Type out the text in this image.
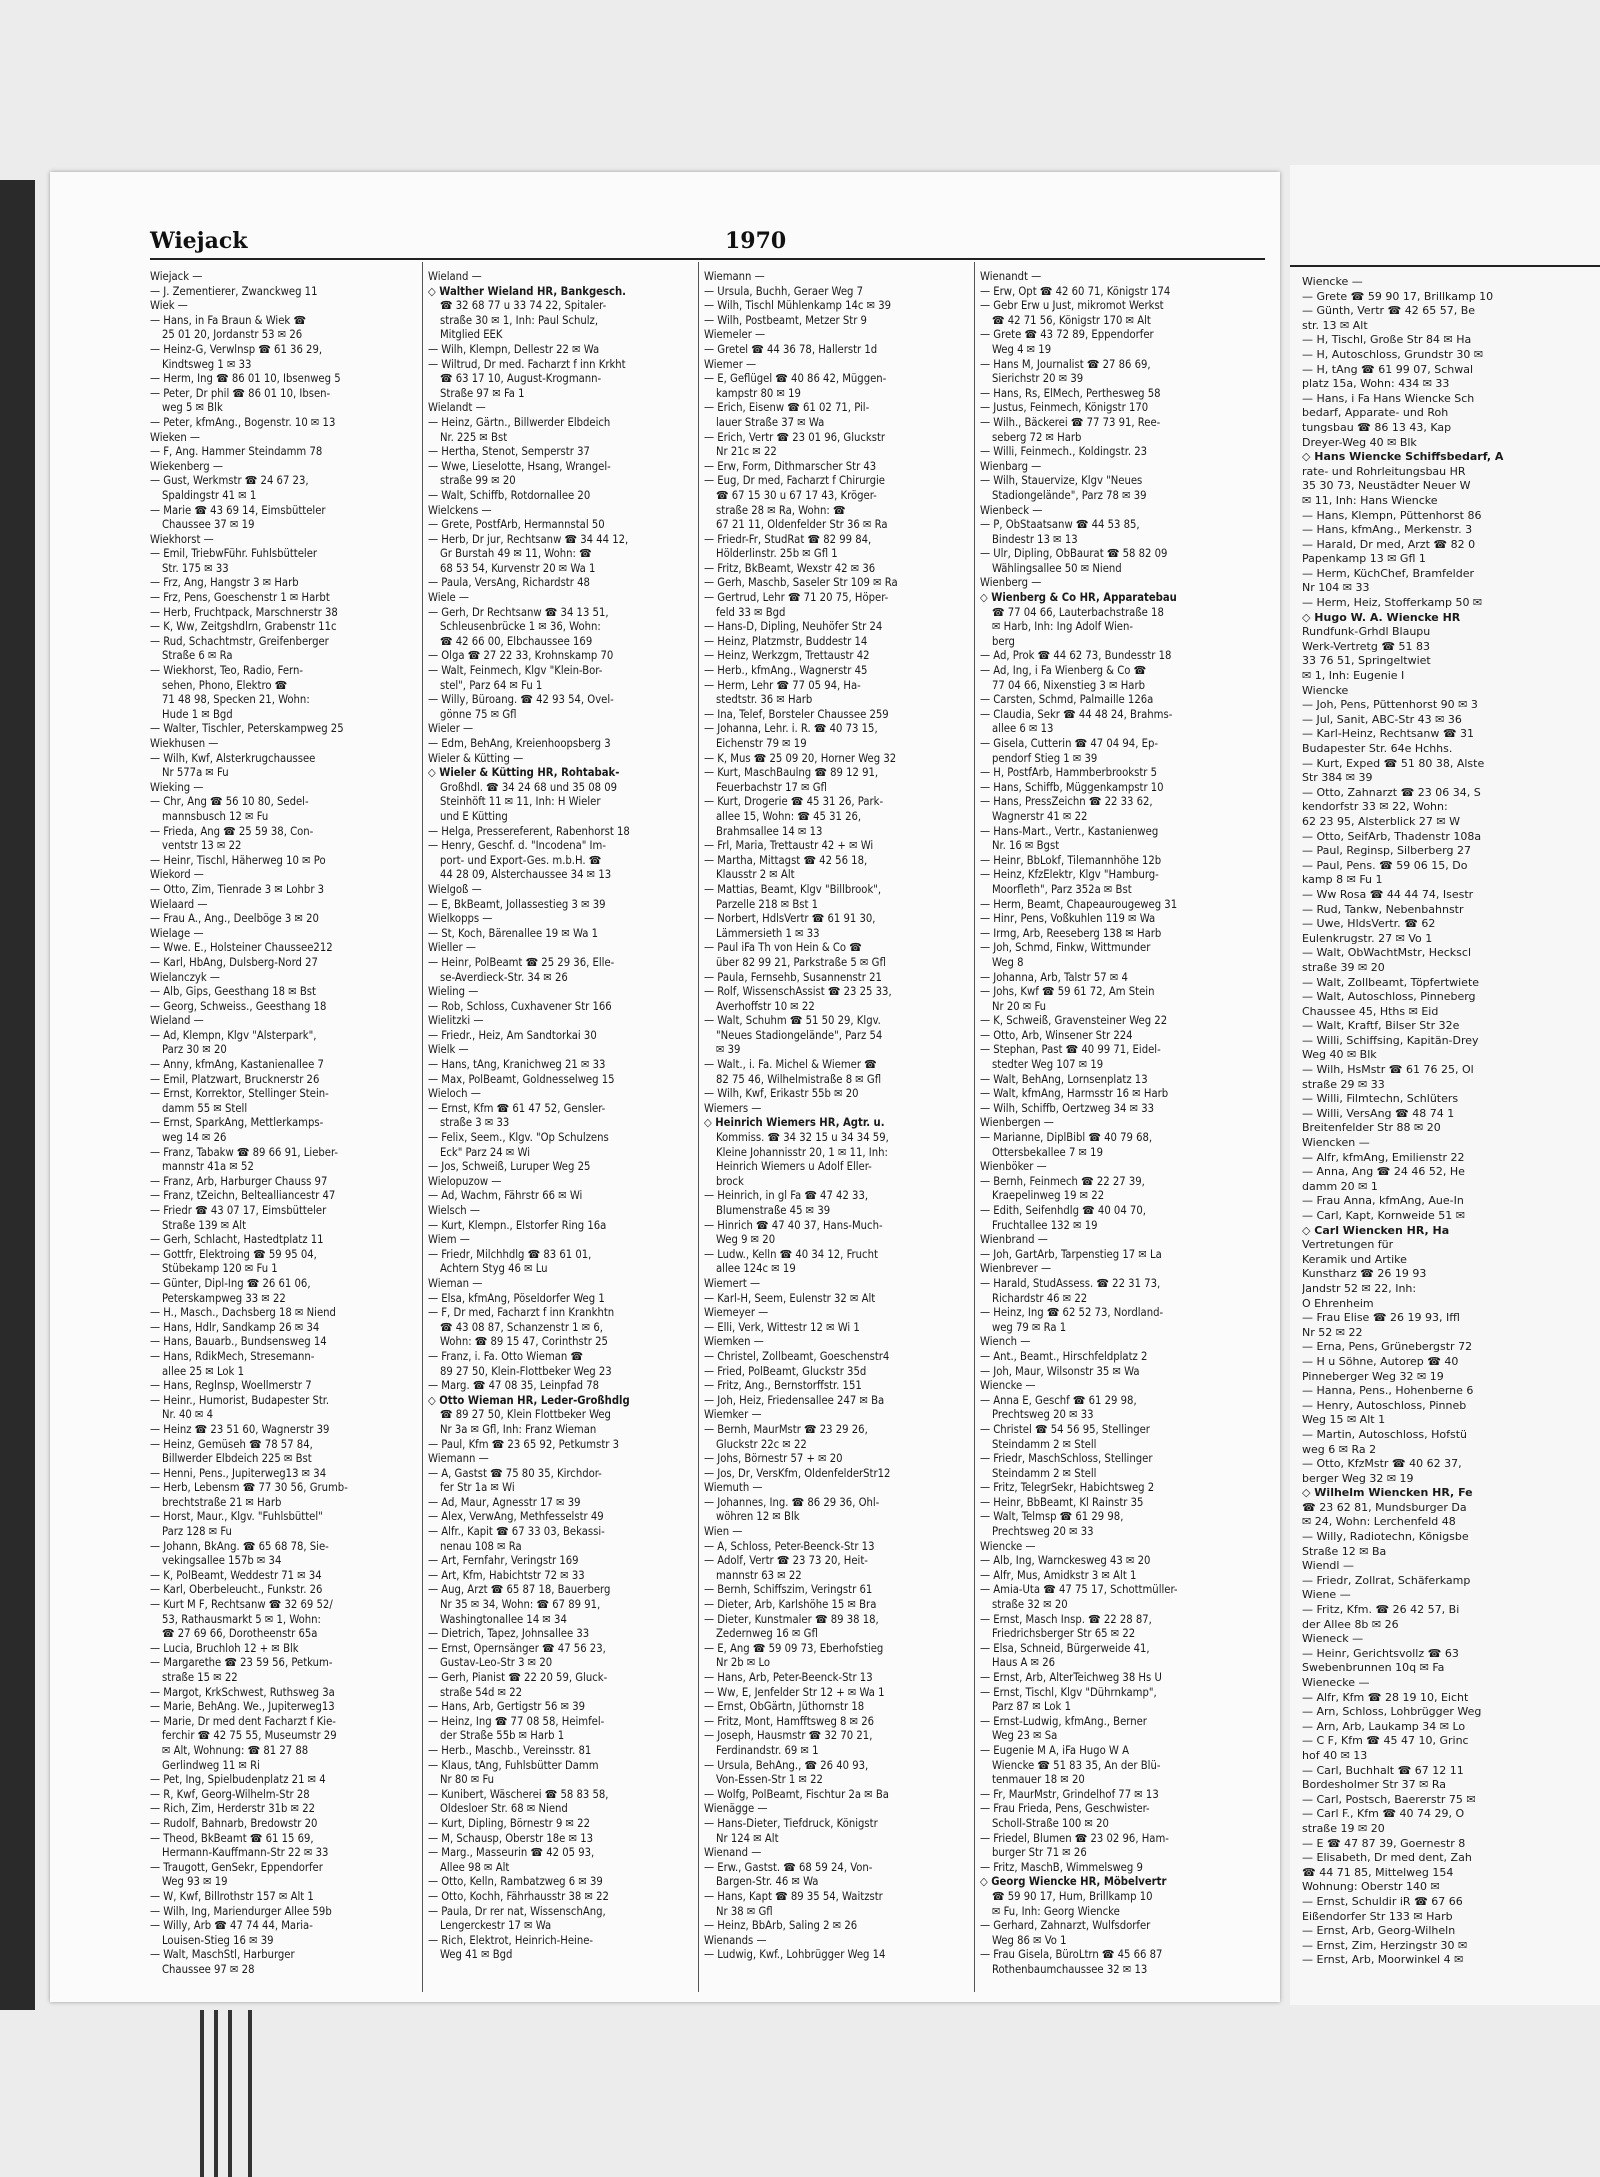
Wiencke —

— Grete ☎ 59 90 17, Brillkamp 10

— Günth, Vertr ☎ 42 65 57, Be

str. 13 ✉ Alt

— H, Tischl, Große Str 84 ✉ Ha

— H, Autoschloss, Grundstr 30 ✉

— H, tAng ☎ 61 99 07, Schwal

platz 15a, Wohn: 434 ✉ 33

— Hans, i Fa Hans Wiencke Sch

bedarf, Apparate- und Roh

tungsbau ☎ 86 13 43, Kap

Dreyer-Weg 40 ✉ Blk

◇ Hans Wiencke Schiffsbedarf, A

rate- und Rohrleitungsbau HR

35 30 73, Neustädter Neuer W

✉ 11, Inh: Hans Wiencke

— Hans, Klempn, Püttenhorst 86

— Hans, kfmAng., Merkenstr. 3

— Harald, Dr med, Arzt ☎ 82 0

Papenkamp 13 ✉ Gfl 1

— Herm, KüchChef, Bramfelder

Nr 104 ✉ 33

— Herm, Heiz, Stofferkamp 50 ✉

◇ Hugo W. A. Wiencke HR

Rundfunk-Grhdl Blaupu

Werk-Vertretg ☎ 51 83

33 76 51, Springeltwiet

✉ 1, Inh: Eugenie I

Wiencke

— Joh, Pens, Püttenhorst 90 ✉ 3

— Jul, Sanit, ABC-Str 43 ✉ 36

— Karl-Heinz, Rechtsanw ☎ 31

Budapester Str. 64e Hchhs.

— Kurt, Exped ☎ 51 80 38, Alste

Str 384 ✉ 39

— Otto, Zahnarzt ☎ 23 06 34, S

kendorfstr 33 ✉ 22, Wohn:

62 23 95, Alsterblick 27 ✉ W

— Otto, SeifArb, Thadenstr 108a

— Paul, Reginsp, Silberberg 27

— Paul, Pens. ☎ 59 06 15, Do

kamp 8 ✉ Fu 1

— Ww Rosa ☎ 44 44 74, Isestr

— Rud, Tankw, Nebenbahnstr

— Uwe, HldsVertr. ☎ 62

Eulenkrugstr. 27 ✉ Vo 1

— Walt, ObWachtMstr, Heckscl

straße 39 ✉ 20

— Walt, Zollbeamt, Töpfertwiete

— Walt, Autoschloss, Pinneberg

Chaussee 45, Hths ✉ Eid

— Walt, Kraftf, Bilser Str 32e

— Willi, Schiffsing, Kapitän-Drey

Weg 40 ✉ Blk

— Wilh, HsMstr ☎ 61 76 25, Ol

straße 29 ✉ 33

— Willi, Filmtechn, Schlüters

— Willi, VersAng ☎ 48 74 1

Breitenfelder Str 88 ✉ 20

Wiencken —

— Alfr, kfmAng, Emilienstr 22

— Anna, Ang ☎ 24 46 52, He

damm 20 ✉ 1

— Frau Anna, kfmAng, Aue-In

— Carl, Kapt, Kornweide 51 ✉

◇ Carl Wiencken HR, Ha

Vertretungen für

Keramik und Artike

Kunstharz ☎ 26 19 93

Jandstr 52 ✉ 22, Inh:

O Ehrenheim

— Frau Elise ☎ 26 19 93, Iffl

Nr 52 ✉ 22

— Erna, Pens, Grünebergstr 72

— H u Söhne, Autorep ☎ 40

Pinneberger Weg 32 ✉ 19

— Hanna, Pens., Hohenberne 6

— Henry, Autoschloss, Pinneb

Weg 15 ✉ Alt 1

— Martin, Autoschloss, Hofstü

weg 6 ✉ Ra 2

— Otto, KfzMstr ☎ 40 62 37,

berger Weg 32 ✉ 19

◇ Wilhelm Wiencken HR, Fe

☎ 23 62 81, Mundsburger Da

✉ 24, Wohn: Lerchenfeld 48

— Willy, Radiotechn, Königsbe

Straße 12 ✉ Ba

Wiendl —

— Friedr, Zollrat, Schäferkamp

Wiene —

— Fritz, Kfm. ☎ 26 42 57, Bi

der Allee 8b ✉ 26

Wieneck —

— Heinr, Gerichtsvollz ☎ 63

Swebenbrunnen 10q ✉ Fa

Wienecke —

— Alfr, Kfm ☎ 28 19 10, Eicht

— Arn, Schloss, Lohbrügger Weg

— Arn, Arb, Laukamp 34 ✉ Lo

— C F, Kfm ☎ 45 47 10, Grinc

hof 40 ✉ 13

— Carl, Buchhalt ☎ 67 12 11

Bordesholmer Str 37 ✉ Ra

— Carl, Postsch, Baererstr 75 ✉

— Carl F., Kfm ☎ 40 74 29, O

straße 19 ✉ 20

— E ☎ 47 87 39, Goernestr 8

— Elisabeth, Dr med dent, Zah

☎ 44 71 85, Mittelweg 154

Wohnung: Oberstr 140 ✉

— Ernst, Schuldir iR ☎ 67 66

Eißendorfer Str 133 ✉ Harb

— Ernst, Arb, Georg-Wilheln

— Ernst, Zim, Herzingstr 30 ✉

— Ernst, Arb, Moorwinkel 4 ✉

Wiejack	1970

Wiejack —

— J. Zementierer, Zwanckweg 11

Wiek —

— Hans, in Fa Braun & Wiek ☎

25 01 20, Jordanstr 53 ✉ 26

— Heinz-G, Verwlnsp ☎ 61 36 29,

Kindtsweg 1 ✉ 33

— Herm, Ing ☎ 86 01 10, Ibsenweg 5

— Peter, Dr phil ☎ 86 01 10, Ibsen-

weg 5 ✉ Blk

— Peter, kfmAng., Bogenstr. 10 ✉ 13

Wieken —

— F, Ang. Hammer Steindamm 78

Wiekenberg —

— Gust, Werkmstr ☎ 24 67 23,

Spaldingstr 41 ✉ 1

— Marie ☎ 43 69 14, Eimsbütteler

Chaussee 37 ✉ 19

Wiekhorst —

— Emil, TriebwFühr. Fuhlsbütteler

Str. 175 ✉ 33

— Frz, Ang, Hangstr 3 ✉ Harb

— Frz, Pens, Goeschenstr 1 ✉ Harbt

— Herb, Fruchtpack, Marschnerstr 38

— K, Ww, Zeitgshdlrn, Grabenstr 11c

— Rud, Schachtmstr, Greifenberger

Straße 6 ✉ Ra

— Wiekhorst, Teo, Radio, Fern-

sehen, Phono, Elektro ☎

71 48 98, Specken 21, Wohn:

Hude 1 ✉ Bgd

— Walter, Tischler, Peterskampweg 25

Wiekhusen —

— Wilh, Kwf, Alsterkrugchaussee

Nr 577a ✉ Fu

Wieking —

— Chr, Ang ☎ 56 10 80, Sedel-

mannsbusch 12 ✉ Fu

— Frieda, Ang ☎ 25 59 38, Con-

ventstr 13 ✉ 22

— Heinr, Tischl, Häherweg 10 ✉ Po

Wiekord —

— Otto, Zim, Tienrade 3 ✉ Lohbr 3

Wielaard —

— Frau A., Ang., Deelböge 3 ✉ 20

Wielage —

— Wwe. E., Holsteiner Chaussee212

— Karl, HbAng, Dulsberg-Nord 27

Wielanczyk —

— Alb, Gips, Geesthang 18 ✉ Bst

— Georg, Schweiss., Geesthang 18

Wieland —

— Ad, Klempn, Klgv "Alsterpark",

Parz 30 ✉ 20

— Anny, kfmAng, Kastanienallee 7

— Emil, Platzwart, Brucknerstr 26

— Ernst, Korrektor, Stellinger Stein-

damm 55 ✉ Stell

— Ernst, SparkAng, Mettlerkamps-

weg 14 ✉ 26

— Franz, Tabakw ☎ 89 66 91, Lieber-

mannstr 41a ✉ 52

— Franz, Arb, Harburger Chauss 97

— Franz, tZeichn, Beltealliancestr 47

— Friedr ☎ 43 07 17, Eimsbütteler

Straße 139 ✉ Alt

— Gerh, Schlacht, Hastedtplatz 11

— Gottfr, Elektroing ☎ 59 95 04,

Stübekamp 120 ✉ Fu 1

— Günter, Dipl-Ing ☎ 26 61 06,

Peterskampweg 33 ✉ 22

— H., Masch., Dachsberg 18 ✉ Niend

— Hans, Hdlr, Sandkamp 26 ✉ 34

— Hans, Bauarb., Bundsensweg 14

— Hans, RdikMech, Stresemann-

allee 25 ✉ Lok 1

— Hans, Reglnsp, Woellmerstr 7

— Heinr., Humorist, Budapester Str.

Nr. 40 ✉ 4

— Heinz ☎ 23 51 60, Wagnerstr 39

— Heinz, Gemüseh ☎ 78 57 84,

Billwerder Elbdeich 225 ✉ Bst

— Henni, Pens., Jupiterweg13 ✉ 34

— Herb, Lebensm ☎ 77 30 56, Grumb-

brechtstraße 21 ✉ Harb

— Horst, Maur., Klgv. "Fuhlsbüttel"

Parz 128 ✉ Fu

— Johann, BkAng. ☎ 65 68 78, Sie-

vekingsallee 157b ✉ 34

— K, PolBeamt, Weddestr 71 ✉ 34

— Karl, Oberbeleucht., Funkstr. 26

— Kurt M F, Rechtsanw ☎ 32 69 52/

53, Rathausmarkt 5 ✉ 1, Wohn:

☎ 27 69 66, Dorotheenstr 65a

— Lucia, Bruchloh 12 + ✉ Blk

— Margarethe ☎ 23 59 56, Petkum-

straße 15 ✉ 22

— Margot, KrkSchwest, Ruthsweg 3a

— Marie, BehAng. We., Jupiterweg13

— Marie, Dr med dent Facharzt f Kie-

ferchir ☎ 42 75 55, Museumstr 29

✉ Alt, Wohnung: ☎ 81 27 88

Gerlindweg 11 ✉ Ri

— Pet, Ing, Spielbudenplatz 21 ✉ 4

— R, Kwf, Georg-Wilhelm-Str 28

— Rich, Zim, Herderstr 31b ✉ 22

— Rudolf, Bahnarb, Bredowstr 20

— Theod, BkBeamt ☎ 61 15 69,

Hermann-Kauffmann-Str 22 ✉ 33

— Traugott, GenSekr, Eppendorfer

Weg 93 ✉ 19

— W, Kwf, Billrothstr 157 ✉ Alt 1

— Wilh, Ing, Mariendurger Allee 59b

— Willy, Arb ☎ 47 74 44, Maria-

Louisen-Stieg 16 ✉ 39

— Walt, MaschStl, Harburger

Chaussee 97 ✉ 28

Wieland —

◇ Walther Wieland HR, Bankgesch.

☎ 32 68 77 u 33 74 22, Spitaler-

straße 30 ✉ 1, Inh: Paul Schulz,

Mitglied EEK

— Wilh, Klempn, Dellestr 22 ✉ Wa

— Wiltrud, Dr med. Facharzt f inn Krkht

☎ 63 17 10, August-Krogmann-

Straße 97 ✉ Fa 1

Wielandt —

— Heinz, Gärtn., Billwerder Elbdeich

Nr. 225 ✉ Bst

— Hertha, Stenot, Semperstr 37

— Wwe, Lieselotte, Hsang, Wrangel-

straße 99 ✉ 20

— Walt, Schiffb, Rotdornallee 20

Wielckens —

— Grete, PostfArb, Hermannstal 50

— Herb, Dr jur, Rechtsanw ☎ 34 44 12,

Gr Burstah 49 ✉ 11, Wohn: ☎

68 53 54, Kurvenstr 20 ✉ Wa 1

— Paula, VersAng, Richardstr 48

Wiele —

— Gerh, Dr Rechtsanw ☎ 34 13 51,

Schleusenbrücke 1 ✉ 36, Wohn:

☎ 42 66 00, Elbchaussee 169

— Olga ☎ 27 22 33, Krohnskamp 70

— Walt, Feinmech, Klgv "Klein-Bor-

stel", Parz 64 ✉ Fu 1

— Willy, Büroang. ☎ 42 93 54, Ovel-

gönne 75 ✉ Gfl

Wieler —

— Edm, BehAng, Kreienhoopsberg 3

Wieler & Kütting —

◇ Wieler & Kütting HR, Rohtabak-

Großhdl. ☎ 34 24 68 und 35 08 09

Steinhöft 11 ✉ 11, Inh: H Wieler

und E Kütting

— Helga, Pressereferent, Rabenhorst 18

— Henry, Geschf. d. "Incodena" Im-

port- und Export-Ges. m.b.H. ☎

44 28 09, Alsterchaussee 34 ✉ 13

Wielgoß —

— E, BkBeamt, Jollassestieg 3 ✉ 39

Wielkopps —

— St, Koch, Bärenallee 19 ✉ Wa 1

Wieller —

— Heinr, PolBeamt ☎ 25 29 36, Elle-

se-Averdieck-Str. 34 ✉ 26

Wieling —

— Rob, Schloss, Cuxhavener Str 166

Wielitzki —

— Friedr., Heiz, Am Sandtorkai 30

Wielk —

— Hans, tAng, Kranichweg 21 ✉ 33

— Max, PolBeamt, Goldnesselweg 15

Wieloch —

— Ernst, Kfm ☎ 61 47 52, Gensler-

straße 3 ✉ 33

— Felix, Seem., Klgv. "Op Schulzens

Eck" Parz 24 ✉ Wi

— Jos, Schweiß, Luruper Weg 25

Wielopuzow —

— Ad, Wachm, Fährstr 66 ✉ Wi

Wielsch —

— Kurt, Klempn., Elstorfer Ring 16a

Wiem —

— Friedr, Milchhdlg ☎ 83 61 01,

Achtern Styg 46 ✉ Lu

Wieman —

— Elsa, kfmAng, Pöseldorfer Weg 1

— F, Dr med, Facharzt f inn Krankhtn

☎ 43 08 87, Schanzenstr 1 ✉ 6,

Wohn: ☎ 89 15 47, Corinthstr 25

— Franz, i. Fa. Otto Wieman ☎

89 27 50, Klein-Flottbeker Weg 23

— Marg. ☎ 47 08 35, Leinpfad 78

◇ Otto Wieman HR, Leder-Großhdlg

☎ 89 27 50, Klein Flottbeker Weg

Nr 3a ✉ Gfl, Inh: Franz Wieman

— Paul, Kfm ☎ 23 65 92, Petkumstr 3

Wiemann —

— A, Gastst ☎ 75 80 35, Kirchdor-

fer Str 1a ✉ Wi

— Ad, Maur, Agnesstr 17 ✉ 39

— Alex, VerwAng, Methfesselstr 49

— Alfr., Kapit ☎ 67 33 03, Bekassi-

nenau 108 ✉ Ra

— Art, Fernfahr, Veringstr 169

— Art, Kfm, Habichtstr 72 ✉ 33

— Aug, Arzt ☎ 65 87 18, Bauerberg

Nr 35 ✉ 34, Wohn: ☎ 67 89 91,

Washingtonallee 14 ✉ 34

— Dietrich, Tapez, Johnsallee 33

— Ernst, Opernsänger ☎ 47 56 23,

Gustav-Leo-Str 3 ✉ 20

— Gerh, Pianist ☎ 22 20 59, Gluck-

straße 54d ✉ 22

— Hans, Arb, Gertigstr 56 ✉ 39

— Heinz, Ing ☎ 77 08 58, Heimfel-

der Straße 55b ✉ Harb 1

— Herb., Maschb., Vereinsstr. 81

— Klaus, tAng, Fuhlsbütter Damm

Nr 80 ✉ Fu

— Kunibert, Wäscherei ☎ 58 83 58,

Oldesloer Str. 68 ✉ Niend

— Kurt, Dipling, Börnestr 9 ✉ 22

— M, Schausp, Oberstr 18e ✉ 13

— Marg., Masseurin ☎ 42 05 93,

Allee 98 ✉ Alt

— Otto, Kelln, Rambatzweg 6 ✉ 39

— Otto, Kochh, Fährhausstr 38 ✉ 22

— Paula, Dr rer nat, WissenschAng,

Lengerckestr 17 ✉ Wa

— Rich, Elektrot, Heinrich-Heine-

Weg 41 ✉ Bgd

Wiemann —

— Ursula, Buchh, Geraer Weg 7

— Wilh, Tischl Mühlenkamp 14c ✉ 39

— Wilh, Postbeamt, Metzer Str 9

Wiemeler —

— Gretel ☎ 44 36 78, Hallerstr 1d

Wiemer —

— E, Geflügel ☎ 40 86 42, Müggen-

kampstr 80 ✉ 19

— Erich, Eisenw ☎ 61 02 71, Pil-

lauer Straße 37 ✉ Wa

— Erich, Vertr ☎ 23 01 96, Gluckstr

Nr 21c ✉ 22

— Erw, Form, Dithmarscher Str 43

— Eug, Dr med, Facharzt f Chirurgie

☎ 67 15 30 u 67 17 43, Kröger-

straße 28 ✉ Ra, Wohn: ☎

67 21 11, Oldenfelder Str 36 ✉ Ra

— Friedr-Fr, StudRat ☎ 82 99 84,

Hölderlinstr. 25b ✉ Gfl 1

— Fritz, BkBeamt, Wexstr 42 ✉ 36

— Gerh, Maschb, Saseler Str 109 ✉ Ra

— Gertrud, Lehr ☎ 71 20 75, Höper-

feld 33 ✉ Bgd

— Hans-D, Dipling, Neuhöfer Str 24

— Heinz, Platzmstr, Buddestr 14

— Heinz, Werkzgm, Trettaustr 42

— Herb., kfmAng., Wagnerstr 45

— Herm, Lehr ☎ 77 05 94, Ha-

stedtstr. 36 ✉ Harb

— Ina, Telef, Borsteler Chaussee 259

— Johanna, Lehr. i. R. ☎ 40 73 15,

Eichenstr 79 ✉ 19

— K, Mus ☎ 25 09 20, Horner Weg 32

— Kurt, MaschBaulng ☎ 89 12 91,

Feuerbachstr 17 ✉ Gfl

— Kurt, Drogerie ☎ 45 31 26, Park-

allee 15, Wohn: ☎ 45 31 26,

Brahmsallee 14 ✉ 13

— Frl, Maria, Trettaustr 42 + ✉ Wi

— Martha, Mittagst ☎ 42 56 18,

Klausstr 2 ✉ Alt

— Mattias, Beamt, Klgv "Billbrook",

Parzelle 218 ✉ Bst 1

— Norbert, HdlsVertr ☎ 61 91 30,

Lämmersieth 1 ✉ 33

— Paul iFa Th von Hein & Co ☎

über 82 99 21, Parkstraße 5 ✉ Gfl

— Paula, Fernsehb, Susannenstr 21

— Rolf, WissenschAssist ☎ 23 25 33,

Averhoffstr 10 ✉ 22

— Walt, Schuhm ☎ 51 50 29, Klgv.

"Neues Stadiongelände", Parz 54

✉ 39

— Walt., i. Fa. Michel & Wiemer ☎

82 75 46, Wilhelmistraße 8 ✉ Gfl

— Wilh, Kwf, Erikastr 55b ✉ 20

Wiemers —

◇ Heinrich Wiemers HR, Agtr. u.

Kommiss. ☎ 34 32 15 u 34 34 59,

Kleine Johannisstr 20, 1 ✉ 11, Inh:

Heinrich Wiemers u Adolf Eller-

brock

— Heinrich, in gl Fa ☎ 47 42 33,

Blumenstraße 45 ✉ 39

— Hinrich ☎ 47 40 37, Hans-Much-

Weg 9 ✉ 20

— Ludw., Kelln ☎ 40 34 12, Frucht

allee 124c ✉ 19

Wiemert —

— Karl-H, Seem, Eulenstr 32 ✉ Alt

Wiemeyer —

— Elli, Verk, Wittestr 12 ✉ Wi 1

Wiemken —

— Christel, Zollbeamt, Goeschenstr4

— Fried, PolBeamt, Gluckstr 35d

— Fritz, Ang., Bernstorffstr. 151

— Joh, Heiz, Friedensallee 247 ✉ Ba

Wiemker —

— Bernh, MaurMstr ☎ 23 29 26,

Gluckstr 22c ✉ 22

— Johs, Börnestr 57 + ✉ 20

— Jos, Dr, VersKfm, OldenfelderStr12

Wiemuth —

— Johannes, Ing. ☎ 86 29 36, Ohl-

wöhren 12 ✉ Blk

Wien —

— A, Schloss, Peter-Beenck-Str 13

— Adolf, Vertr ☎ 23 73 20, Heit-

mannstr 63 ✉ 22

— Bernh, Schiffszim, Veringstr 61

— Dieter, Arb, Karlshöhe 15 ✉ Bra

— Dieter, Kunstmaler ☎ 89 38 18,

Zedernweg 16 ✉ Gfl

— E, Ang ☎ 59 09 73, Eberhofstieg

Nr 2b ✉ Lo

— Hans, Arb, Peter-Beenck-Str 13

— Ww, E, Jenfelder Str 12 + ✉ Wa 1

— Ernst, ObGärtn, Jüthornstr 18

— Fritz, Mont, Hamfftsweg 8 ✉ 26

— Joseph, Hausmstr ☎ 32 70 21,

Ferdinandstr. 69 ✉ 1

— Ursula, BehAng., ☎ 26 40 93,

Von-Essen-Str 1 ✉ 22

— Wolfg, PolBeamt, Fischtur 2a ✉ Ba

Wienägge —

— Hans-Dieter, Tiefdruck, Königstr

Nr 124 ✉ Alt

Wienand —

— Erw., Gastst. ☎ 68 59 24, Von-

Bargen-Str. 46 ✉ Wa

— Hans, Kapt ☎ 89 35 54, Waitzstr

Nr 38 ✉ Gfl

— Heinz, BbArb, Saling 2 ✉ 26

Wienands —

— Ludwig, Kwf., Lohbrügger Weg 14

Wienandt —

— Erw, Opt ☎ 42 60 71, Königstr 174

— Gebr Erw u Just, mikromot Werkst

☎ 42 71 56, Königstr 170 ✉ Alt

— Grete ☎ 43 72 89, Eppendorfer

Weg 4 ✉ 19

— Hans M, Journalist ☎ 27 86 69,

Sierichstr 20 ✉ 39

— Hans, Rs, ElMech, Perthesweg 58

— Justus, Feinmech, Königstr 170

— Wilh., Bäckerei ☎ 77 73 91, Ree-

seberg 72 ✉ Harb

— Willi, Feinmech., Koldingstr. 23

Wienbarg —

— Wilh, Stauervize, Klgv "Neues

Stadiongelände", Parz 78 ✉ 39

Wienbeck —

— P, ObStaatsanw ☎ 44 53 85,

Bindestr 13 ✉ 13

— Ulr, Dipling, ObBaurat ☎ 58 82 09

Wählingsallee 50 ✉ Niend

Wienberg —

◇ Wienberg & Co HR, Apparatebau

☎ 77 04 66, Lauterbachstraße 18

✉ Harb, Inh: Ing Adolf Wien-

berg

— Ad, Prok ☎ 44 62 73, Bundesstr 18

— Ad, Ing, i Fa Wienberg & Co ☎

77 04 66, Nixenstieg 3 ✉ Harb

— Carsten, Schmd, Palmaille 126a

— Claudia, Sekr ☎ 44 48 24, Brahms-

allee 6 ✉ 13

— Gisela, Cutterin ☎ 47 04 94, Ep-

pendorf Stieg 1 ✉ 39

— H, PostfArb, Hammberbrookstr 5

— Hans, Schiffb, Müggenkampstr 10

— Hans, PressZeichn ☎ 22 33 62,

Wagnerstr 41 ✉ 22

— Hans-Mart., Vertr., Kastanienweg

Nr. 16 ✉ Bgst

— Heinr, BbLokf, Tilemannhöhe 12b

— Heinz, KfzElektr, Klgv "Hamburg-

Moorfleth", Parz 352a ✉ Bst

— Herm, Beamt, Chapeaurougeweg 31

— Hinr, Pens, Voßkuhlen 119 ✉ Wa

— Irmg, Arb, Reeseberg 138 ✉ Harb

— Joh, Schmd, Finkw, Wittmunder

Weg 8

— Johanna, Arb, Talstr 57 ✉ 4

— Johs, Kwf ☎ 59 61 72, Am Stein

Nr 20 ✉ Fu

— K, Schweiß, Gravensteiner Weg 22

— Otto, Arb, Winsener Str 224

— Stephan, Past ☎ 40 99 71, Eidel-

stedter Weg 107 ✉ 19

— Walt, BehAng, Lornsenplatz 13

— Walt, kfmAng, Harmsstr 16 ✉ Harb

— Wilh, Schiffb, Oertzweg 34 ✉ 33

Wienbergen —

— Marianne, DiplBibl ☎ 40 79 68,

Ottersbekallee 7 ✉ 19

Wienböker —

— Bernh, Feinmech ☎ 22 27 39,

Kraepelinweg 19 ✉ 22

— Edith, Seifenhdlg ☎ 40 04 70,

Fruchtallee 132 ✉ 19

Wienbrand —

— Joh, GartArb, Tarpenstieg 17 ✉ La

Wienbrever —

— Harald, StudAssess. ☎ 22 31 73,

Richardstr 46 ✉ 22

— Heinz, Ing ☎ 62 52 73, Nordland-

weg 79 ✉ Ra 1

Wiench —

— Ant., Beamt., Hirschfeldplatz 2

— Joh, Maur, Wilsonstr 35 ✉ Wa

Wiencke —

— Anna E, Geschf ☎ 61 29 98,

Prechtsweg 20 ✉ 33

— Christel ☎ 54 56 95, Stellinger

Steindamm 2 ✉ Stell

— Friedr, MaschSchloss, Stellinger

Steindamm 2 ✉ Stell

— Fritz, TelegrSekr, Habichtsweg 2

— Heinr, BbBeamt, Kl Rainstr 35

— Walt, Telmsp ☎ 61 29 98,

Prechtsweg 20 ✉ 33

Wiencke —

— Alb, Ing, Warnckesweg 43 ✉ 20

— Alfr, Mus, Amidkstr 3 ✉ Alt 1

— Amia-Uta ☎ 47 75 17, Schottmüller-

straße 32 ✉ 20

— Ernst, Masch Insp. ☎ 22 28 87,

Friedrichsberger Str 65 ✉ 22

— Elsa, Schneid, Bürgerweide 41,

Haus A ✉ 26

— Ernst, Arb, AlterTeichweg 38 Hs U

— Ernst, Tischl, Klgv "Dührnkamp",

Parz 87 ✉ Lok 1

— Ernst-Ludwig, kfmAng., Berner

Weg 23 ✉ Sa

— Eugenie M A, iFa Hugo W A

Wiencke ☎ 51 83 35, An der Blü-

tenmauer 18 ✉ 20

— Fr, MaurMstr, Grindelhof 77 ✉ 13

— Frau Frieda, Pens, Geschwister-

Scholl-Straße 100 ✉ 20

— Friedel, Blumen ☎ 23 02 96, Ham-

burger Str 71 ✉ 26

— Fritz, MaschB, Wimmelsweg 9

◇ Georg Wiencke HR, Möbelvertr

☎ 59 90 17, Hum, Brillkamp 10

✉ Fu, Inh: Georg Wiencke

— Gerhard, Zahnarzt, Wulfsdorfer

Weg 86 ✉ Vo 1

— Frau Gisela, BüroLtrn ☎ 45 66 87

Rothenbaumchaussee 32 ✉ 13
